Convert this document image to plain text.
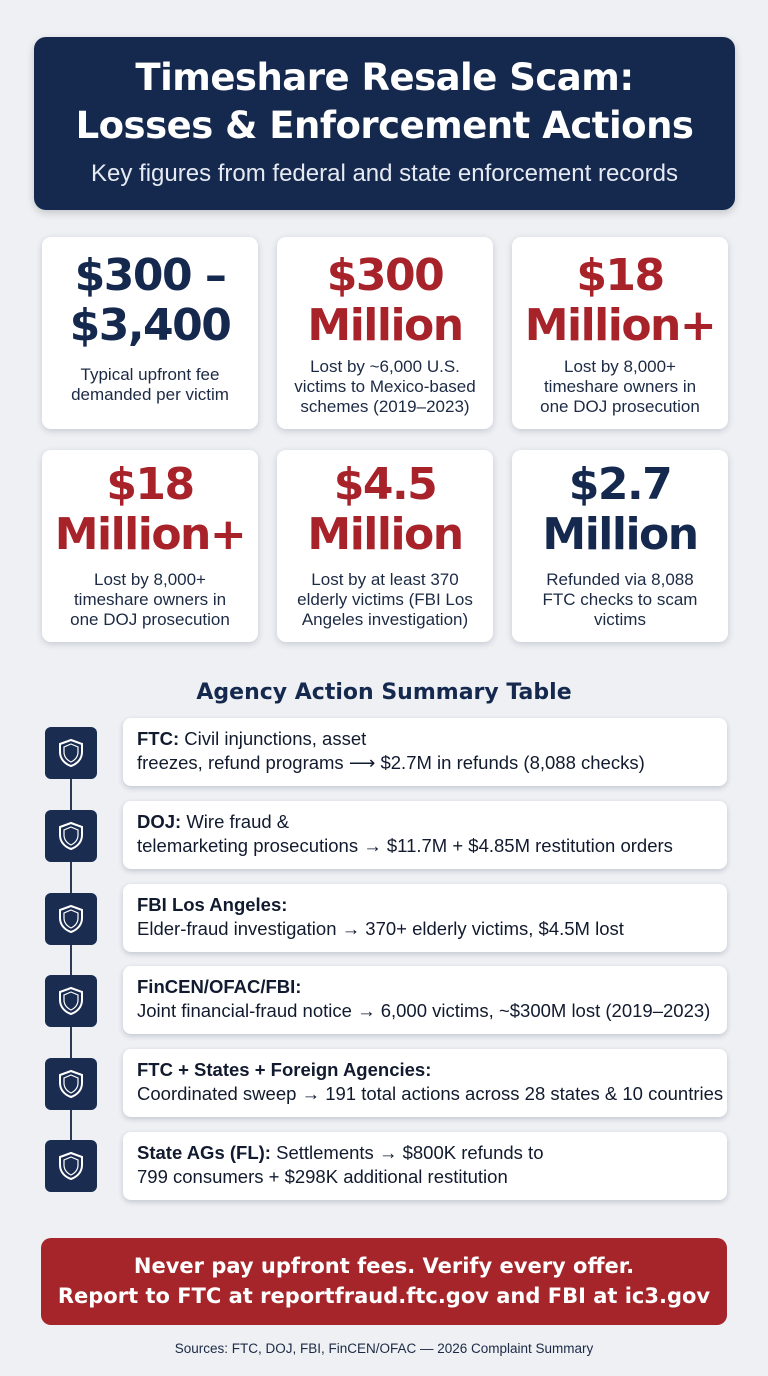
Timeshare Resale Scam:
Losses & Enforcement Actions
Key figures from federal and state enforcement records
$300 –
$3,400
Typical upfront fee
demanded per victim
$300
Million
Lost by ~6,000 U.S.
victims to Mexico-based
schemes (2019–2023)
$18
Million+
Lost by 8,000+
timeshare owners in
one DOJ prosecution
$18
Million+
Lost by 8,000+
timeshare owners in
one DOJ prosecution
$4.5
Million
Lost by at least 370
elderly victims (FBI Los
Angeles investigation)
$2.7
Million
Refunded via 8,088
FTC checks to scam
victims
Agency Action Summary Table
FTC: Civil injunctions, asset
freezes, refund programs ⟶ $2.7M in refunds (8,088 checks)
DOJ: Wire fraud &
telemarketing prosecutions → $11.7M + $4.85M restitution orders
FBI Los Angeles:
Elder-fraud investigation → 370+ elderly victims, $4.5M lost
FinCEN/OFAC/FBI:
Joint financial-fraud notice → 6,000 victims, ~$300M lost (2019–2023)
FTC + States + Foreign Agencies:
Coordinated sweep → 191 total actions across 28 states & 10 countries
State AGs (FL): Settlements → $800K refunds to
799 consumers + $298K additional restitution
Never pay upfront fees. Verify every offer.
Report to FTC at reportfraud.ftc.gov and FBI at ic3.gov
Sources: FTC, DOJ, FBI, FinCEN/OFAC — 2026 Complaint Summary
